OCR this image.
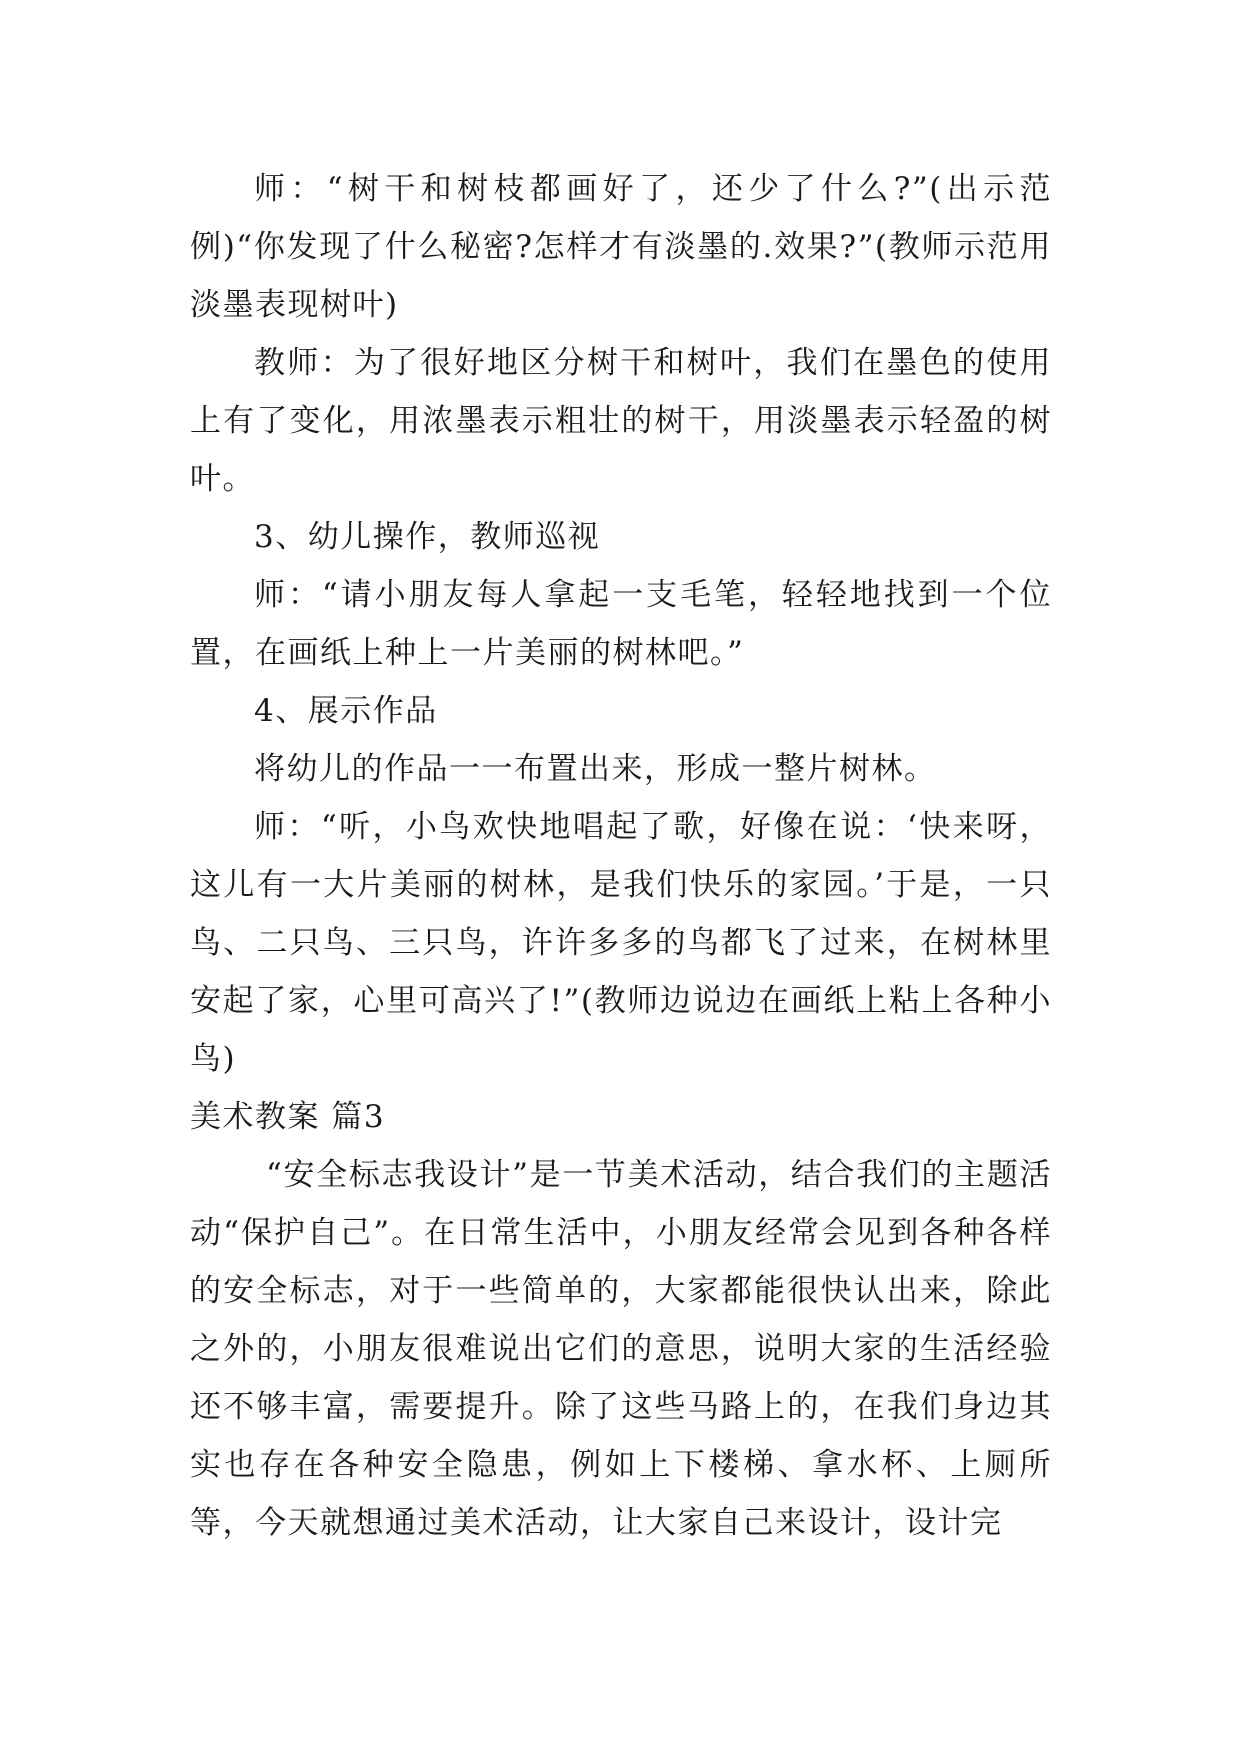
师：“树干和树枝都画好了，还少了什么?”(出示范例)“你发现了什么秘密?怎样才有淡墨的.效果?”(教师示范用淡墨表现树叶)

教师：为了很好地区分树干和树叶，我们在墨色的使用上有了变化，用浓墨表示粗壮的树干，用淡墨表示轻盈的树叶。

3、幼儿操作，教师巡视

师：“请小朋友每人拿起一支毛笔，轻轻地找到一个位置，在画纸上种上一片美丽的树林吧。”

4、展示作品

将幼儿的作品一一布置出来，形成一整片树林。

师：“听，小鸟欢快地唱起了歌，好像在说：‘快来呀，这儿有一大片美丽的树林，是我们快乐的家园。’于是，一只鸟、二只鸟、三只鸟，许许多多的鸟都飞了过来，在树林里安起了家，心里可高兴了!”(教师边说边在画纸上粘上各种小鸟)

美术教案 篇3

“安全标志我设计”是一节美术活动，结合我们的主题活动“保护自己”。在日常生活中，小朋友经常会见到各种各样的安全标志，对于一些简单的，大家都能很快认出来，除此之外的，小朋友很难说出它们的意思，说明大家的生活经验还不够丰富，需要提升。除了这些马路上的，在我们身边其实也存在各种安全隐患，例如上下楼梯、拿水杯、上厕所等，今天就想通过美术活动，让大家自己来设计，设计完
